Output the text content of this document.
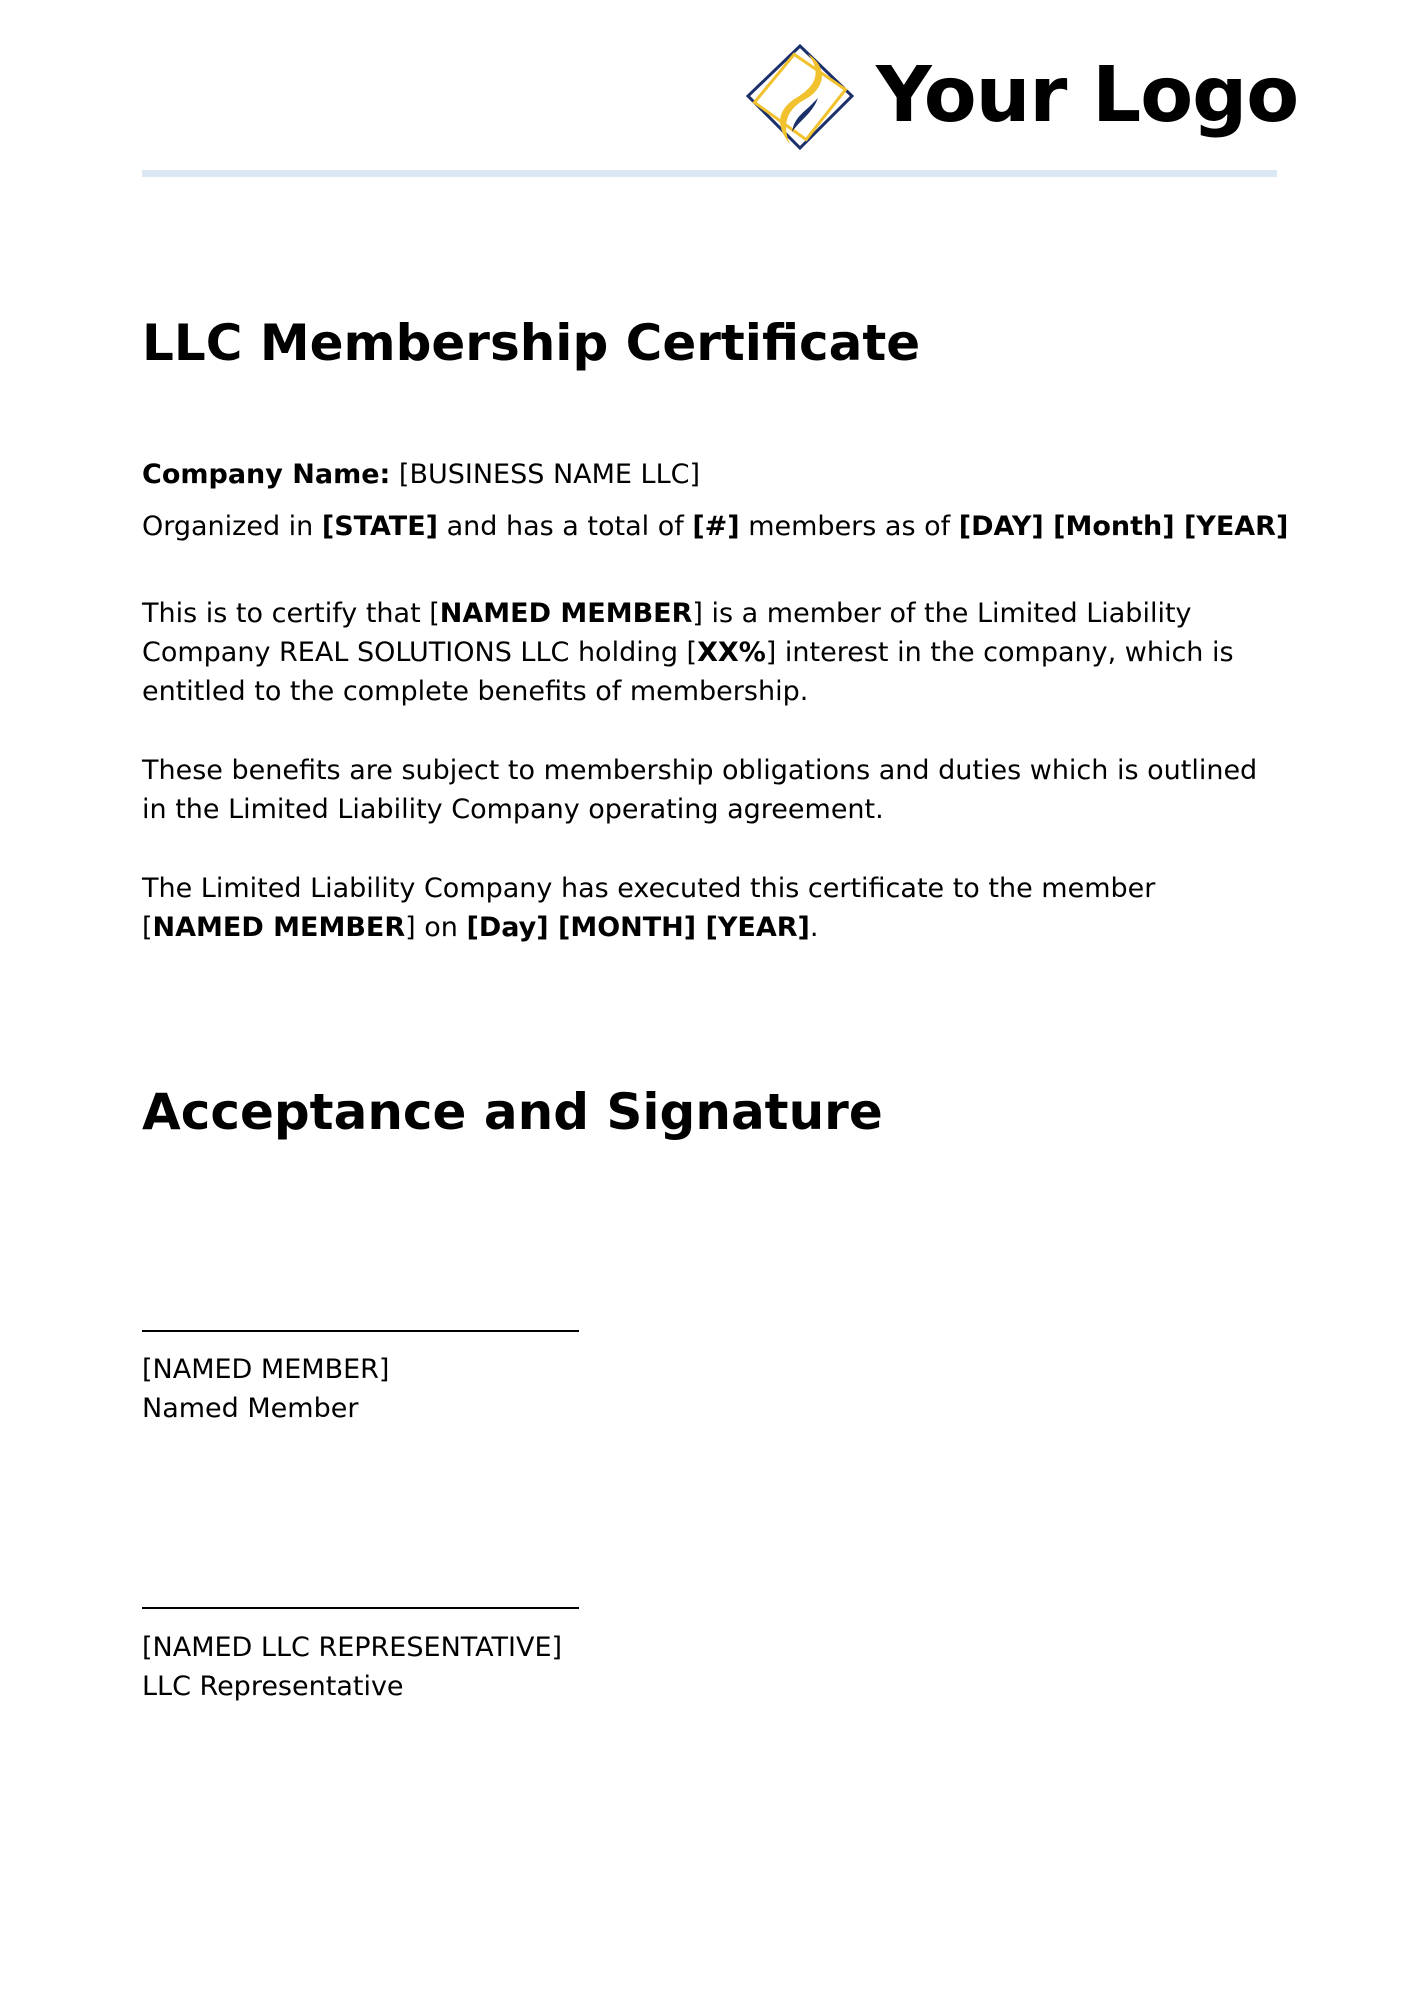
Your Logo
LLC Membership Certificate

Company Name: [BUSINESS NAME LLC]

Organized in [STATE] and has a total of [#] members as of [DAY] [Month] [YEAR]

This is to certify that [NAMED MEMBER] is a member of the Limited Liability

Company REAL SOLUTIONS LLC holding [XX%] interest in the company, which is

entitled to the complete benefits of membership.

These benefits are subject to membership obligations and duties which is outlined

in the Limited Liability Company operating agreement.

The Limited Liability Company has executed this certificate to the member

[NAMED MEMBER] on [Day] [MONTH] [YEAR].

Acceptance and Signature
[NAMED MEMBER]
Named Member
[NAMED LLC REPRESENTATIVE]
LLC Representative
